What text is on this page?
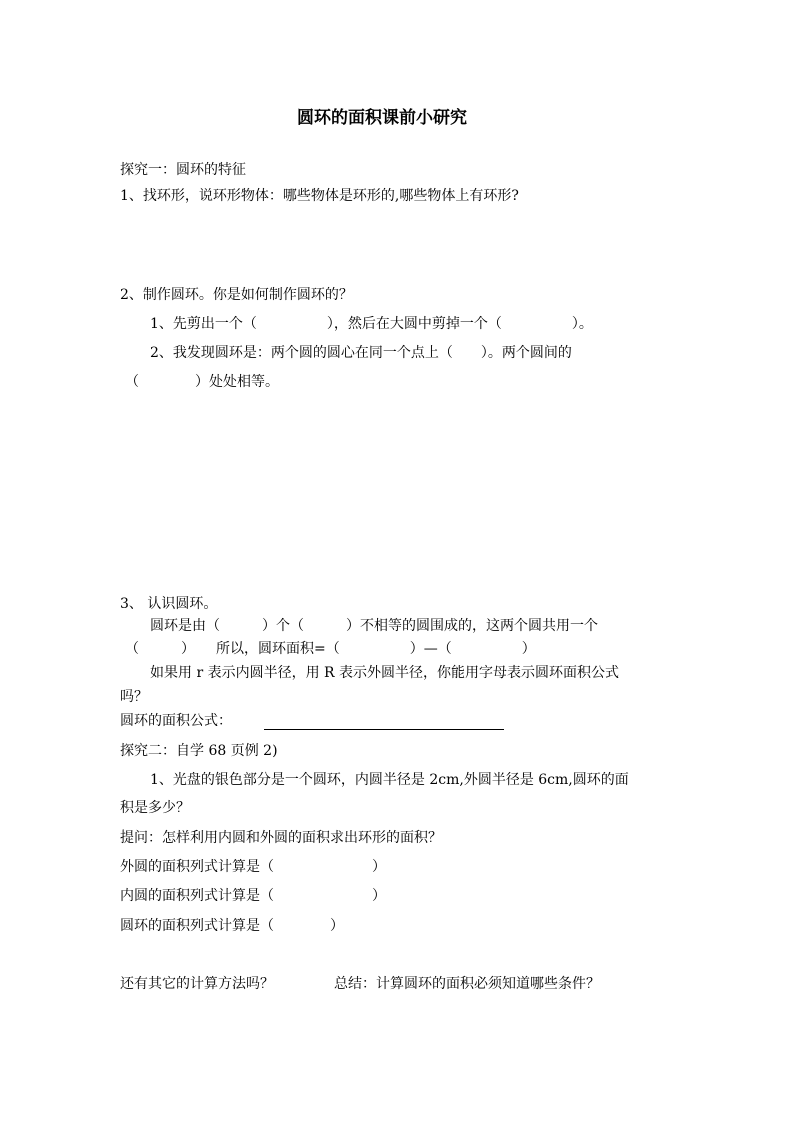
圆环的面积课前小研究
探究一：圆环的特征
1、找环形，说环形物体：哪些物体是环形的,哪些物体上有环形?
2、制作圆环。你是如何制作圆环的？
1、先剪出一个（　　　　　），然后在大圆中剪掉一个（　　　　　）。
2、我发现圆环是：两个圆的圆心在同一个点上（　　）。两个圆间的
（　　　　）处处相等。
3、 认识圆环。
圆环是由（　　　）个（　　　）不相等的圆围成的，这两个圆共用一个
（　　　）　　所以，圆环面积=（　　　　　）—（　　　　　）
如果用 r 表示内圆半径，用 R 表示外圆半径，你能用字母表示圆环面积公式
吗？
圆环的面积公式：
探究二：自学 68 页例 2)
1、光盘的银色部分是一个圆环，内圆半径是 2cm,外圆半径是 6cm,圆环的面
积是多少？
提问：怎样利用内圆和外圆的面积求出环形的面积？
外圆的面积列式计算是（　　　　　　　）
内圆的面积列式计算是（　　　　　　　）
圆环的面积列式计算是（　　　　）
还有其它的计算方法吗？	总结：计算圆环的面积必须知道哪些条件？
